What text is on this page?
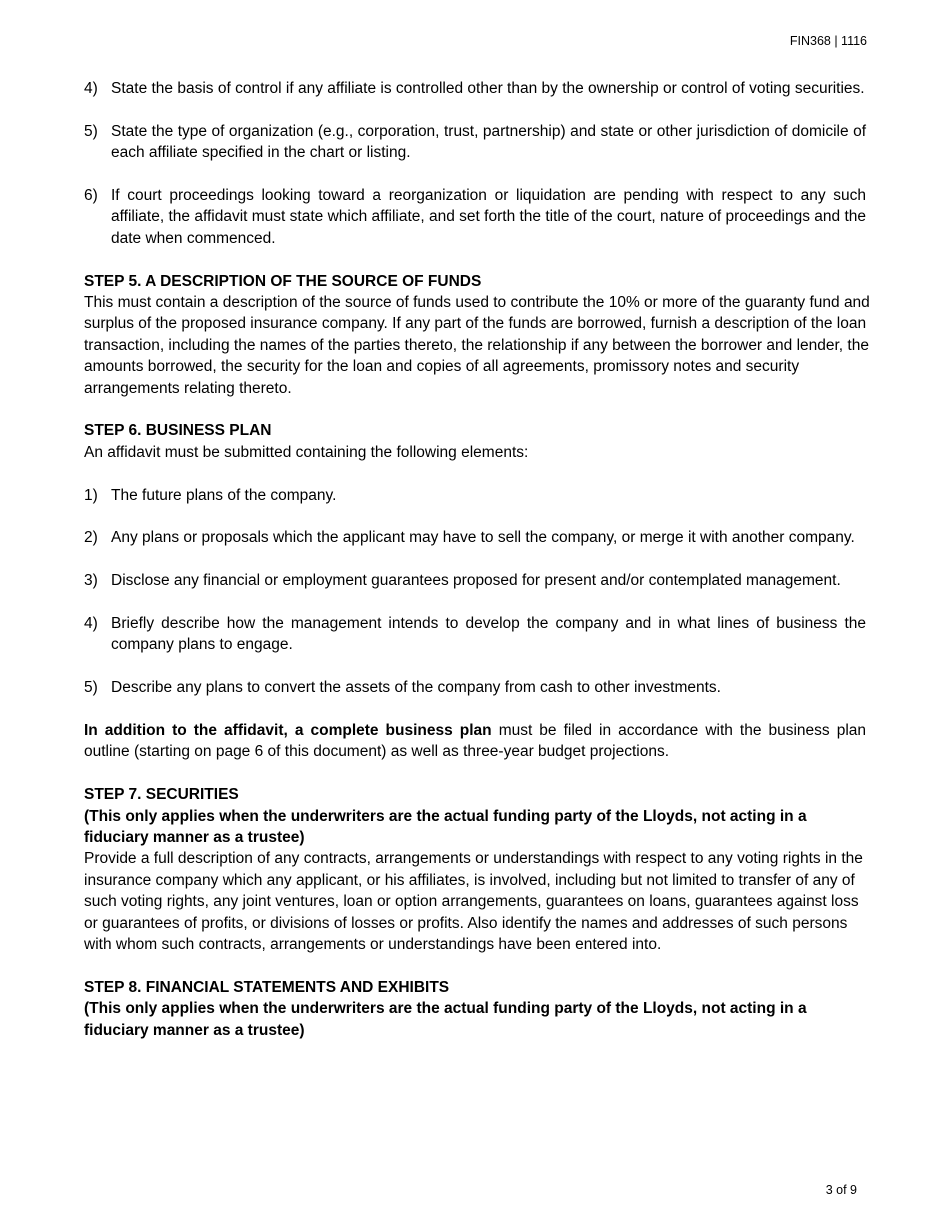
FIN368 | 1116
4) State the basis of control if any affiliate is controlled other than by the ownership or control of voting securities.
5) State the type of organization (e.g., corporation, trust, partnership) and state or other jurisdiction of domicile of each affiliate specified in the chart or listing.
6) If court proceedings looking toward a reorganization or liquidation are pending with respect to any such affiliate, the affidavit must state which affiliate, and set forth the title of the court, nature of proceedings and the date when commenced.

STEP 5. A DESCRIPTION OF THE SOURCE OF FUNDS

This must contain a description of the source of funds used to contribute the 10% or more of the guaranty fund and surplus of the proposed insurance company. If any part of the funds are borrowed, furnish a description of the loan transaction, including the names of the parties thereto, the relationship if any between the borrower and lender, the amounts borrowed, the security for the loan and copies of all agreements, promissory notes and security arrangements relating thereto.

STEP 6. BUSINESS PLAN

An affidavit must be submitted containing the following elements:

1) The future plans of the company.
2) Any plans or proposals which the applicant may have to sell the company, or merge it with another company.
3) Disclose any financial or employment guarantees proposed for present and/or contemplated management.
4) Briefly describe how the management intends to develop the company and in what lines of business the company plans to engage.
5) Describe any plans to convert the assets of the company from cash to other investments.

In addition to the affidavit, a complete business plan must be filed in accordance with the business plan outline (starting on page 6 of this document) as well as three-year budget projections.

STEP 7. SECURITIES

(This only applies when the underwriters are the actual funding party of the Lloyds, not acting in a fiduciary manner as a trustee)

Provide a full description of any contracts, arrangements or understandings with respect to any voting rights in the insurance company which any applicant, or his affiliates, is involved, including but not limited to transfer of any of such voting rights, any joint ventures, loan or option arrangements, guarantees on loans, guarantees against loss or guarantees of profits, or divisions of losses or profits. Also identify the names and addresses of such persons with whom such contracts, arrangements or understandings have been entered into.

STEP 8. FINANCIAL STATEMENTS AND EXHIBITS

(This only applies when the underwriters are the actual funding party of the Lloyds, not acting in a fiduciary manner as a trustee)

3 of 9
